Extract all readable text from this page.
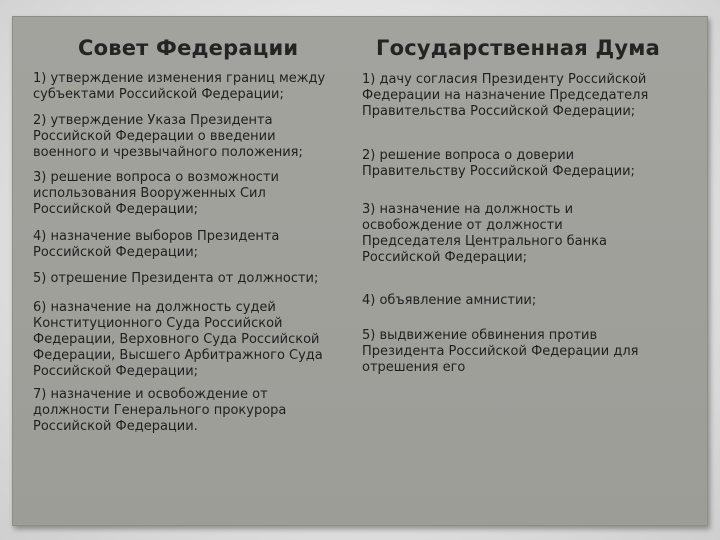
Совет Федерации
1) утверждение изменения границ между
субъектами Российской Федерации;
2) утверждение Указа Президента
Российской Федерации о введении
военного и чрезвычайного положения;
3) решение вопроса о возможности
использования Вооруженных Сил
Российской Федерации;
4) назначение выборов Президента
Российской Федерации;
5) отрешение Президента от должности;
6) назначение на должность судей
Конституционного Суда Российской
Федерации, Верховного Суда Российской
Федерации, Высшего Арбитражного Суда
Российской Федерации;
7) назначение и освобождение от
должности Генерального прокурора
Российской Федерации.
Государственная Дума
1) дачу согласия Президенту Российской
Федерации на назначение Председателя
Правительства Российской Федерации;
2) решение вопроса о доверии
Правительству Российской Федерации;
3) назначение на должность и
освобождение от должности
Председателя Центрального банка
Российской Федерации;
4) объявление амнистии;
5) выдвижение обвинения против
Президента Российской Федерации для
отрешения его
